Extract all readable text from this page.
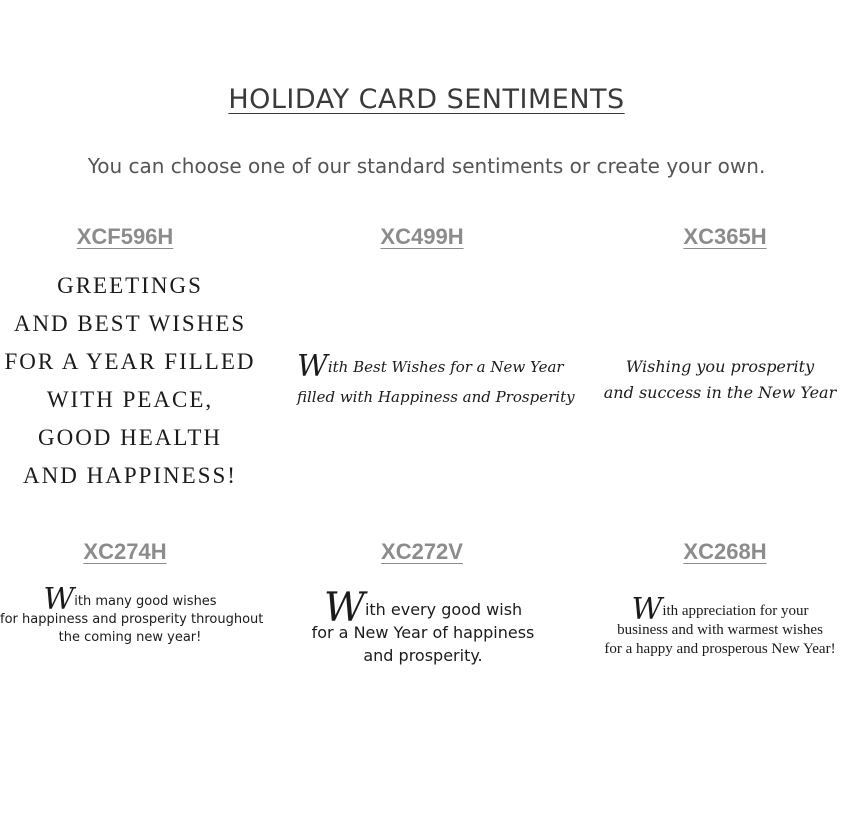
HOLIDAY CARD SENTIMENTS
You can choose one of our standard sentiments or create your own.
XCF596H	XC499H	XC365H
GREETINGS
AND BEST WISHES
FOR A YEAR FILLED
WITH PEACE,
GOOD HEALTH
AND HAPPINESS!
With Best Wishes for a New Year
filled with Happiness and Prosperity
Wishing you prosperity
and success in the New Year
XC274H	XC272V	XC268H
With many good wishes
for happiness and prosperity throughout
the coming new year!
With every good wish
for a New Year of happiness
and prosperity.
With appreciation for your
business and with warmest wishes
for a happy and prosperous New Year!
